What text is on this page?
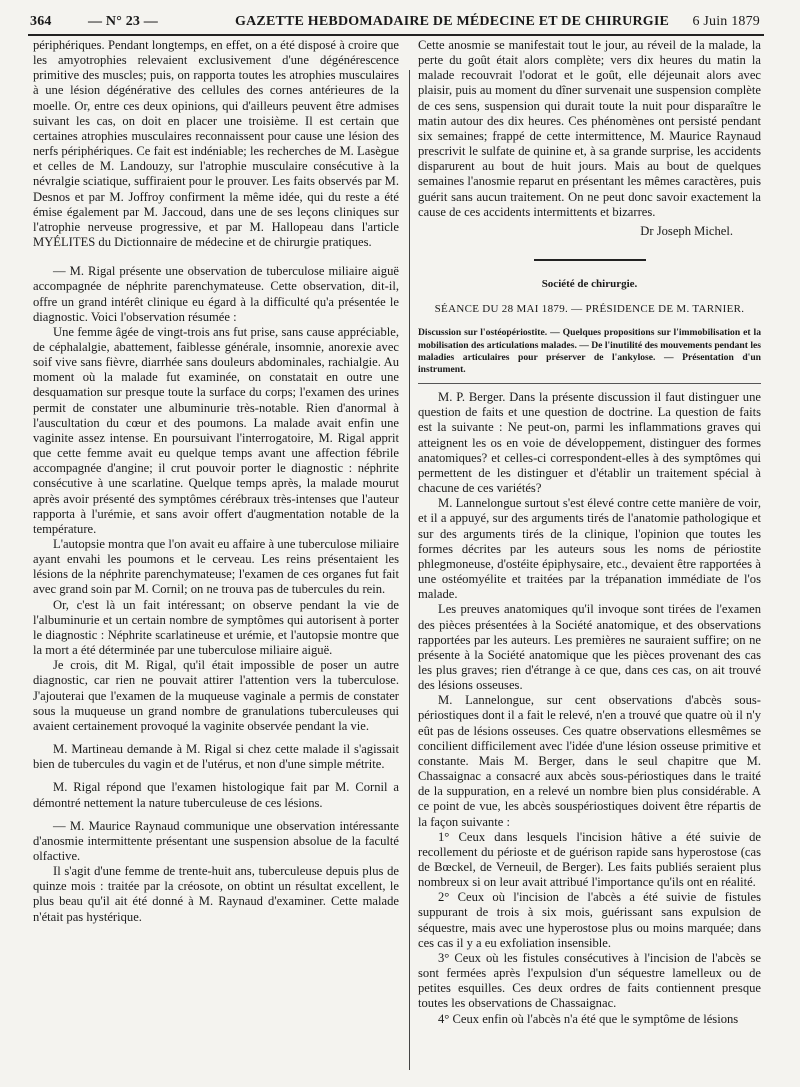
364	— N° 23 —	GAZETTE HEBDOMADAIRE DE MÉDECINE ET DE CHIRURGIE 6 Juin 1879

périphériques. Pendant longtemps, en effet, on a été disposé à croire que les amyotrophies relevaient exclusivement d'une dégénérescence primitive des muscles; puis, on rapporta toutes les atrophies musculaires à une lésion dégénérative des cellules des cornes antérieures de la moelle. Or, entre ces deux opinions, qui d'ailleurs peuvent être admises suivant les cas, on doit en placer une troisième. Il est certain que certaines atrophies musculaires reconnaissent pour cause une lésion des nerfs périphériques. Ce fait est indéniable; les recherches de M. Lasègue et celles de M. Landouzy, sur l'atrophie musculaire consécutive à la névralgie sciatique, suffiraient pour le prouver. Les faits observés par M. Desnos et par M. Joffroy confirment la même idée, qui du reste a été émise également par M. Jaccoud, dans une de ses leçons cliniques sur l'atrophie nerveuse progressive, et par M. Hallopeau dans l'article MYÉLITES du Dictionnaire de médecine et de chirurgie pratiques.

— M. Rigal présente une observation de tuberculose miliaire aiguë accompagnée de néphrite parenchymateuse. Cette observation, dit-il, offre un grand intérêt clinique eu égard à la difficulté qu'a présentée le diagnostic. Voici l'observation résumée :

Une femme âgée de vingt-trois ans fut prise, sans cause appréciable, de céphalalgie, abattement, faiblesse générale, insomnie, anorexie avec soif vive sans fièvre, diarrhée sans douleurs abdominales, rachialgie. Au moment où la malade fut examinée, on constatait en outre une desquamation sur presque toute la surface du corps; l'examen des urines permit de constater une albuminurie très-notable. Rien d'anormal à l'auscultation du cœur et des poumons. La malade avait enfin une vaginite assez intense. En poursuivant l'interrogatoire, M. Rigal apprit que cette femme avait eu quelque temps avant une affection fébrile accompagnée d'angine; il crut pouvoir porter le diagnostic : néphrite consécutive à une scarlatine. Quelque temps après, la malade mourut après avoir présenté des symptômes cérébraux très-intenses que l'auteur rapporta à l'urémie, et sans avoir offert d'augmentation notable de la température.

L'autopsie montra que l'on avait eu affaire à une tuberculose miliaire ayant envahi les poumons et le cerveau. Les reins présentaient les lésions de la néphrite parenchymateuse; l'examen de ces organes fut fait avec grand soin par M. Cornil; on ne trouva pas de tubercules du rein.

Or, c'est là un fait intéressant; on observe pendant la vie de l'albuminurie et un certain nombre de symptômes qui autorisent à porter le diagnostic : Néphrite scarlatineuse et urémie, et l'autopsie montre que la mort a été déterminée par une tuberculose miliaire aiguë.

Je crois, dit M. Rigal, qu'il était impossible de poser un autre diagnostic, car rien ne pouvait attirer l'attention vers la tuberculose. J'ajouterai que l'examen de la muqueuse vaginale a permis de constater sous la muqueuse un grand nombre de granulations tuberculeuses qui avaient certainement provoqué la vaginite observée pendant la vie.

M. Martineau demande à M. Rigal si chez cette malade il s'agissait bien de tubercules du vagin et de l'utérus, et non d'une simple métrite.

M. Rigal répond que l'examen histologique fait par M. Cornil a démontré nettement la nature tuberculeuse de ces lésions.

— M. Maurice Raynaud communique une observation intéressante d'anosmie intermittente présentant une suspension absolue de la faculté olfactive.

Il s'agit d'une femme de trente-huit ans, tuberculeuse depuis plus de quinze mois : traitée par la créosote, on obtint un résultat excellent, le plus beau qu'il ait été donné à M. Raynaud d'examiner. Cette malade n'était pas hystérique.

Cette anosmie se manifestait tout le jour, au réveil de la malade, la perte du goût était alors complète; vers dix heures du matin la malade recouvrait l'odorat et le goût, elle déjeunait alors avec plaisir, puis au moment du dîner survenait une suspension complète de ces sens, suspension qui durait toute la nuit pour disparaître le matin autour des dix heures. Ces phénomènes ont persisté pendant six semaines; frappé de cette intermittence, M. Maurice Raynaud prescrivit le sulfate de quinine et, à sa grande surprise, les accidents disparurent au bout de huit jours. Mais au bout de quelques semaines l'anosmie reparut en présentant les mêmes caractères, puis guérit sans aucun traitement. On ne peut donc savoir exactement la cause de ces accidents intermittents et bizarres.

Dr Joseph Michel.

Société de chirurgie.

SÉANCE DU 28 MAI 1879. — PRÉSIDENCE DE M. TARNIER.

Discussion sur l'ostéopériostite. — Quelques propositions sur l'immobilisation et la mobilisation des articulations malades. — De l'inutilité des mouvements pendant les maladies articulaires pour préserver de l'ankylose. — Présentation d'un instrument.

M. P. Berger. Dans la présente discussion il faut distinguer une question de faits et une question de doctrine. La question de faits est la suivante : Ne peut-on, parmi les inflammations graves qui atteignent les os en voie de développement, distinguer des formes anatomiques? et celles-ci correspondent-elles à des symptômes qui permettent de les distinguer et d'établir un traitement spécial à chacune de ces variétés?

M. Lannelongue surtout s'est élevé contre cette manière de voir, et il a appuyé, sur des arguments tirés de l'anatomie pathologique et sur des arguments tirés de la clinique, l'opinion que toutes les formes décrites par les auteurs sous les noms de périostite phlegmoneuse, d'ostéite épiphysaire, etc., devaient être rapportées à une ostéomyélite et traitées par la trépanation immédiate de l'os malade.

Les preuves anatomiques qu'il invoque sont tirées de l'examen des pièces présentées à la Société anatomique, et des observations rapportées par les auteurs. Les premières ne sauraient suffire; on ne présente à la Société anatomique que les pièces provenant des cas les plus graves; rien d'étrange à ce que, dans ces cas, on ait trouvé des lésions osseuses.

M. Lannelongue, sur cent observations d'abcès sous-périostiques dont il a fait le relevé, n'en a trouvé que quatre où il n'y eût pas de lésions osseuses. Ces quatre observations ellesmêmes se concilient difficilement avec l'idée d'une lésion osseuse primitive et constante. Mais M. Berger, dans le seul chapitre que M. Chassaignac a consacré aux abcès sous-périostiques dans le traité de la suppuration, en a relevé un nombre bien plus considérable. A ce point de vue, les abcès souspériostiques doivent être répartis de la façon suivante :

1° Ceux dans lesquels l'incision hâtive a été suivie de recollement du périoste et de guérison rapide sans hyperostose (cas de Bœckel, de Verneuil, de Berger). Les faits publiés seraient plus nombreux si on leur avait attribué l'importance qu'ils ont en réalité.

2° Ceux où l'incision de l'abcès a été suivie de fistules suppurant de trois à six mois, guérissant sans expulsion de séquestre, mais avec une hyperostose plus ou moins marquée; dans ces cas il y a eu exfoliation insensible.

3° Ceux où les fistules consécutives à l'incision de l'abcès se sont fermées après l'expulsion d'un séquestre lamelleux ou de petites esquilles. Ces deux ordres de faits contiennent presque toutes les observations de Chassaignac.

4° Ceux enfin où l'abcès n'a été que le symptôme de lésions
